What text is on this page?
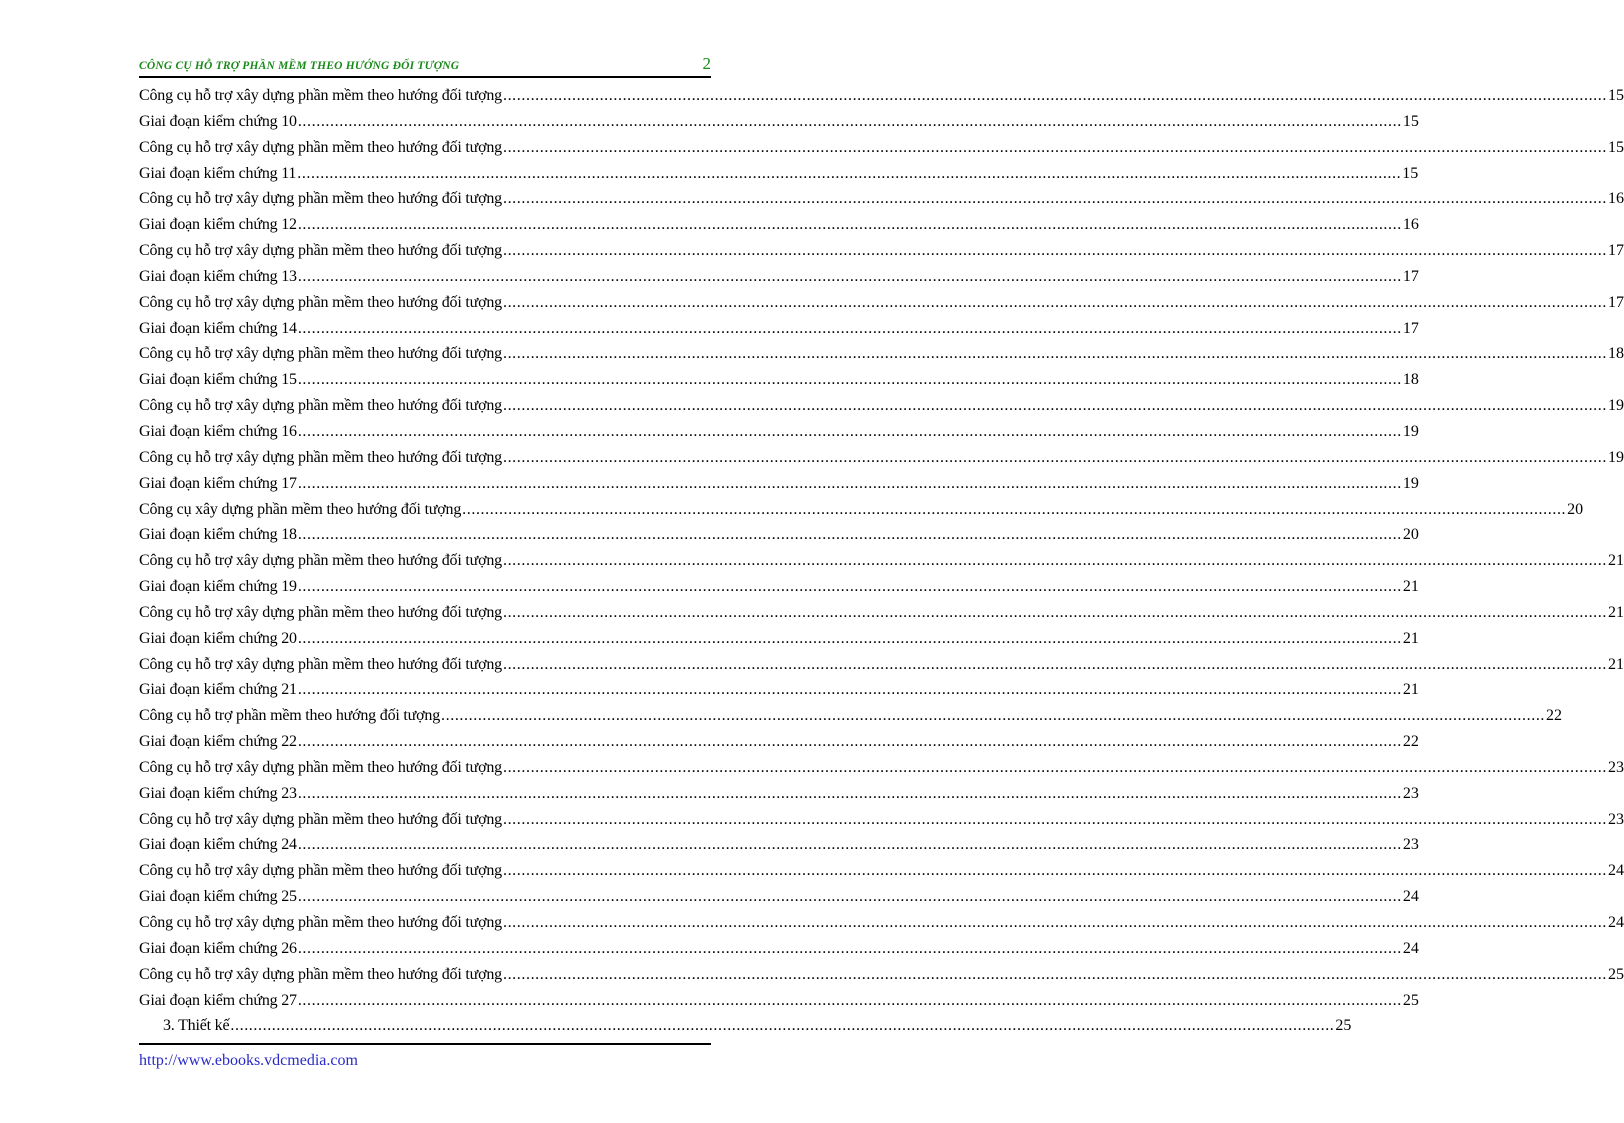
CÔNG CỤ HỖ TRỢ PHẦN MỀM THEO HƯỚNG ĐỐI TƯỢNG	2
Công cụ hỗ trợ xây dựng phần mềm theo hướng đối tượng ................................................................................................................................................................................................................................................ 15
Giai đoạn kiểm chứng 10 ................................................................................................................................................................................................................................................ 15
Công cụ hỗ trợ xây dựng phần mềm theo hướng đối tượng ................................................................................................................................................................................................................................................ 15
Giai đoạn kiểm chứng 11 ................................................................................................................................................................................................................................................ 15
Công cụ hỗ trợ xây dựng phần mềm theo hướng đối tượng ................................................................................................................................................................................................................................................ 16
Giai đoạn kiểm chứng 12 ................................................................................................................................................................................................................................................ 16
Công cụ hỗ trợ xây dựng phần mềm theo hướng đối tượng ................................................................................................................................................................................................................................................ 17
Giai đoạn kiểm chứng 13 ................................................................................................................................................................................................................................................ 17
Công cụ hỗ trợ xây dựng phần mềm theo hướng đối tượng ................................................................................................................................................................................................................................................ 17
Giai đoạn kiểm chứng 14 ................................................................................................................................................................................................................................................ 17
Công cụ hỗ trợ xây dựng phần mềm theo hướng đối tượng ................................................................................................................................................................................................................................................ 18
Giai đoạn kiểm chứng 15 ................................................................................................................................................................................................................................................ 18
Công cụ hỗ trợ xây dựng phần mềm theo hướng đối tượng ................................................................................................................................................................................................................................................ 19
Giai đoạn kiểm chứng 16 ................................................................................................................................................................................................................................................ 19
Công cụ hỗ trợ xây dựng phần mềm theo hướng đối tượng ................................................................................................................................................................................................................................................ 19
Giai đoạn kiểm chứng 17 ................................................................................................................................................................................................................................................ 19
Công cụ xây dựng phần mềm theo hướng đối tượng ................................................................................................................................................................................................................................................ 20
Giai đoạn kiểm chứng 18 ................................................................................................................................................................................................................................................ 20
Công cụ hỗ trợ xây dựng phần mềm theo hướng đối tượng ................................................................................................................................................................................................................................................ 21
Giai đoạn kiểm chứng 19 ................................................................................................................................................................................................................................................ 21
Công cụ hỗ trợ xây dựng phần mềm theo hướng đối tượng ................................................................................................................................................................................................................................................ 21
Giai đoạn kiểm chứng 20 ................................................................................................................................................................................................................................................ 21
Công cụ hỗ trợ xây dựng phần mềm theo hướng đối tượng ................................................................................................................................................................................................................................................ 21
Giai đoạn kiểm chứng 21 ................................................................................................................................................................................................................................................ 21
Công cụ hỗ trợ phần mềm theo hướng đối tượng ................................................................................................................................................................................................................................................ 22
Giai đoạn kiểm chứng 22 ................................................................................................................................................................................................................................................ 22
Công cụ hỗ trợ xây dựng phần mềm theo hướng đối tượng ................................................................................................................................................................................................................................................ 23
Giai đoạn kiểm chứng 23 ................................................................................................................................................................................................................................................ 23
Công cụ hỗ trợ xây dựng phần mềm theo hướng đối tượng ................................................................................................................................................................................................................................................ 23
Giai đoạn kiểm chứng 24 ................................................................................................................................................................................................................................................ 23
Công cụ hỗ trợ xây dựng phần mềm theo hướng đối tượng ................................................................................................................................................................................................................................................ 24
Giai đoạn kiểm chứng 25 ................................................................................................................................................................................................................................................ 24
Công cụ hỗ trợ xây dựng phần mềm theo hướng đối tượng ................................................................................................................................................................................................................................................ 24
Giai đoạn kiểm chứng 26 ................................................................................................................................................................................................................................................ 24
Công cụ hỗ trợ xây dựng phần mềm theo hướng đối tượng ................................................................................................................................................................................................................................................ 25
Giai đoạn kiểm chứng 27 ................................................................................................................................................................................................................................................ 25
3. Thiết kế ................................................................................................................................................................................................................................................ 25
http://www.ebooks.vdcmedia.com
